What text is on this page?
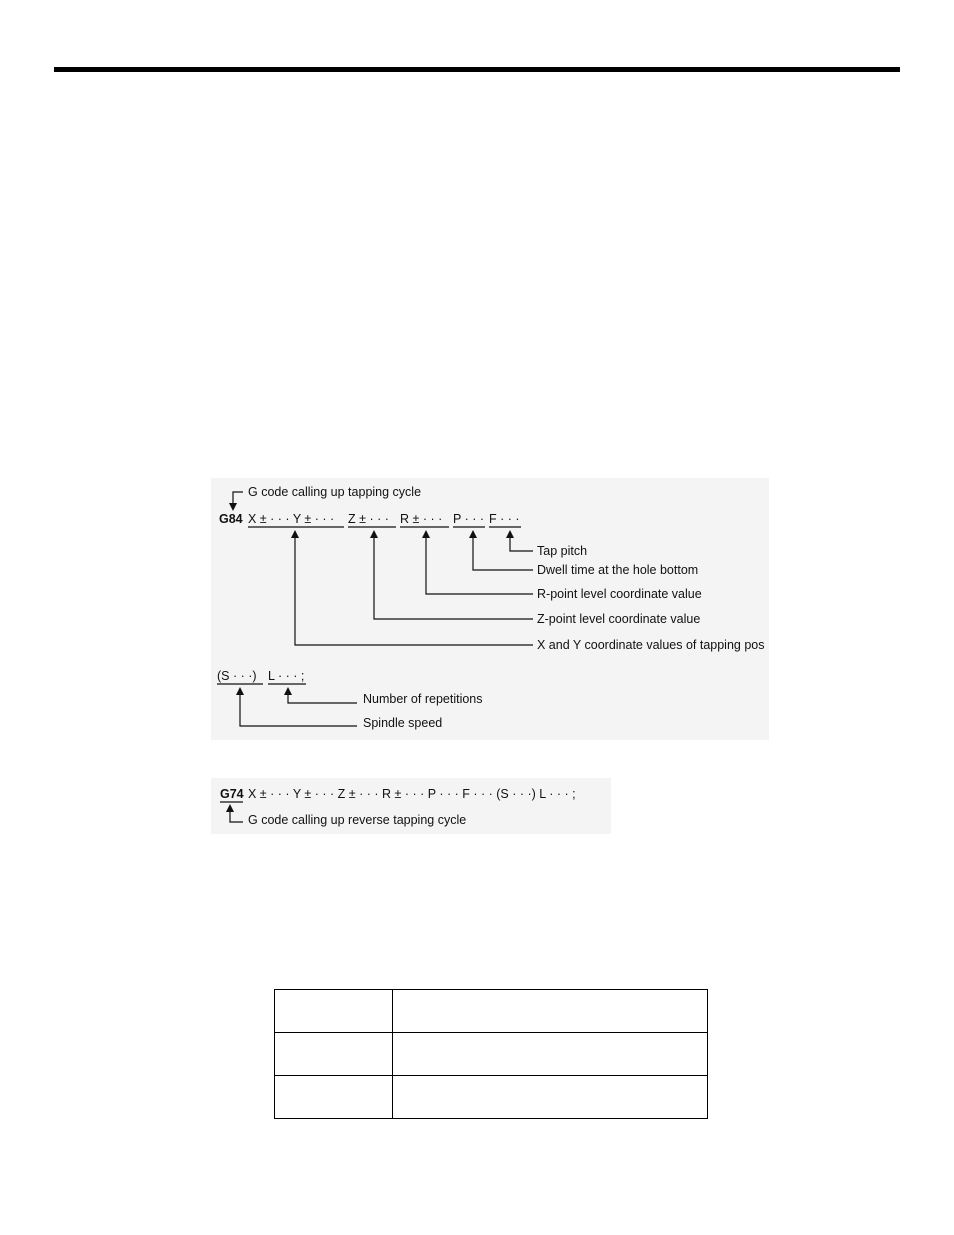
G code calling up tapping cycle
G84 X ± · · · Y ± · · · Z ± · · · R ± · · · P · · · F · · ·
Tap pitch
Dwell time at the hole bottom
R-point level coordinate value
Z-point level coordinate value
X and Y coordinate values of tapping pos
(S · · ·) L · · · ;
Number of repetitions
Spindle speed
G74 X ± · · · Y ± · · · Z ± · · · R ± · · · P · · · F · · · (S · · ·) L · · · ;
G code calling up reverse tapping cycle
